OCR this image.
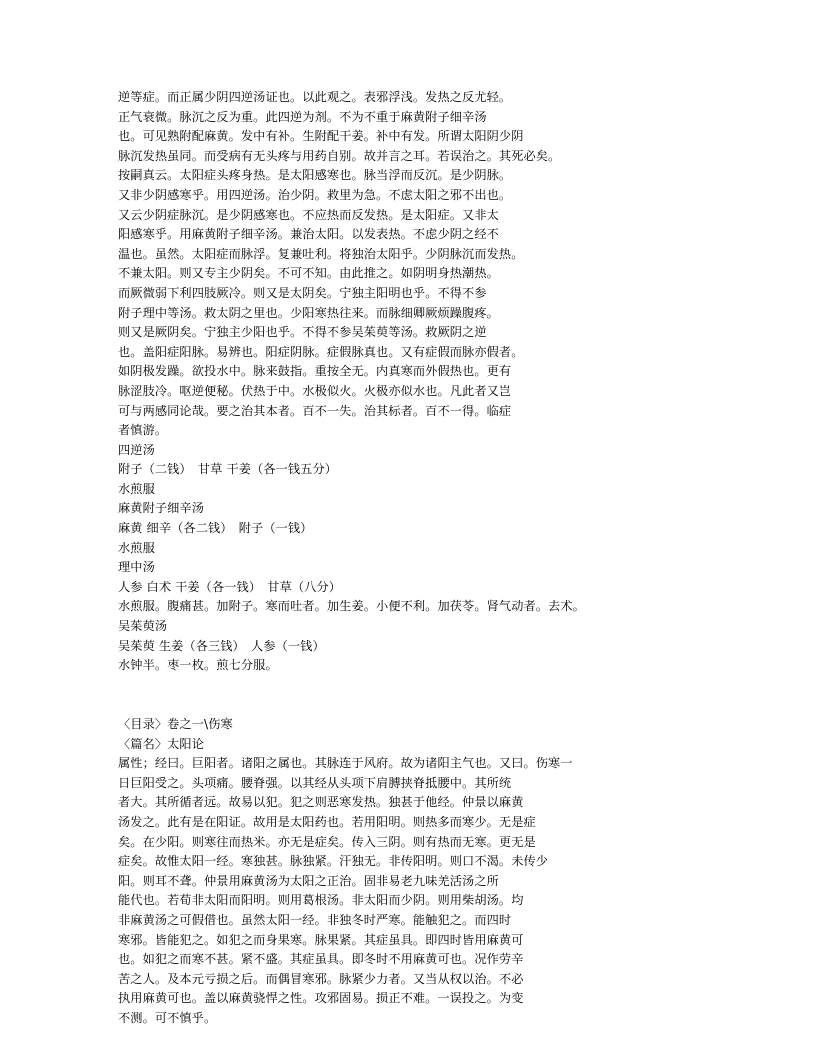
逆等症。而正属少阴四逆汤证也。以此观之。表邪浮浅。发热之反尤轻。
正气衰微。脉沉之反为重。此四逆为剂。不为不重于麻黄附子细辛汤
也。可见熟附配麻黄。发中有补。生附配干姜。补中有发。所谓太阳阴少阴
脉沉发热虽同。而受病有无头疼与用药自别。故并言之耳。若误治之。其死必矣。
按嗣真云。太阳症头疼身热。是太阳感寒也。脉当浮而反沉。是少阴脉。
又非少阴感寒乎。用四逆汤。治少阴。救里为急。不虑太阳之邪不出也。
又云少阴症脉沉。是少阴感寒也。不应热而反发热。是太阳症。又非太
阳感寒乎。用麻黄附子细辛汤。兼治太阳。以发表热。不虑少阴之经不
温也。虽然。太阳症而脉浮。复兼吐利。将独治太阳乎。少阴脉沉而发热。
不兼太阳。则又专主少阴矣。不可不知。由此推之。如阴明身热潮热。
而厥微弱下利四肢厥冷。则又是太阴矣。宁独主阳明也乎。不得不参
附子理中等汤。救太阴之里也。少阳寒热往来。而脉细卿厥烦躁腹疼。
则又是厥阴矣。宁独主少阳也乎。不得不参吴茱萸等汤。救厥阴之逆
也。盖阳症阳脉。易辨也。阳症阴脉。症假脉真也。又有症假而脉亦假者。
如阴极发躁。欲投水中。脉来鼓指。重按全无。内真寒而外假热也。更有
脉涩肢冷。呕逆便秘。伏热于中。水极似火。火极亦似水也。凡此者又岂
可与两感同论哉。要之治其本者。百不一失。治其标者。百不一得。临症
者慎游。
四逆汤
附子（二钱）　甘草 干姜（各一钱五分）
水煎服
麻黄附子细辛汤
麻黄 细辛（各二钱）　附子（一钱）
水煎服
理中汤
人参 白术 干姜（各一钱）　甘草（八分）
水煎服。腹痛甚。加附子。寒而吐者。加生姜。小便不利。加茯苓。肾气动者。去术。
吴茱萸汤
吴茱萸 生姜（各三钱）　人参（一钱）
水钟半。枣一枚。煎七分服。
〈目录〉卷之一\伤寒
〈篇名〉太阳论
属性；经曰。巨阳者。诸阳之属也。其脉连于风府。故为诸阳主气也。又曰。伤寒一
日巨阳受之。头项痛。腰脊强。以其经从头项下肩膊挟脊抵腰中。其所统
者大。其所循者远。故易以犯。犯之则恶寒发热。独甚于他经。仲景以麻黄
汤发之。此有是在阳证。故用是太阳药也。若用阳明。则热多而寒少。无是症
矣。在少阳。则寒往而热米。亦无是症矣。传入三阴。则有热而无寒。更无是
症矣。故惟太阳一经。寒独甚。脉独紧。汗独无。非传阳明。则口不渴。未传少
阳。则耳不聋。仲景用麻黄汤为太阳之正治。固非易老九味羌活汤之所
能代也。若荀非太阳而阳明。则用葛根汤。非太阳而少阴。则用柴胡汤。均
非麻黄汤之可假借也。虽然太阳一经。非独冬时严寒。能触犯之。而四时
寒邪。皆能犯之。如犯之而身果寒。脉果紧。其症虽具。即四时皆用麻黄可
也。如犯之而寒不甚。紧不盛。其症虽具。即冬时不用麻黄可也。况作劳辛
苦之人。及本元亏损之后。而偶冒寒邪。脉紧少力者。又当从权以治。不必
执用麻黄可也。盖以麻黄骁悍之性。攻邪固易。损正不难。一误投之。为变
不测。可不慎乎。
